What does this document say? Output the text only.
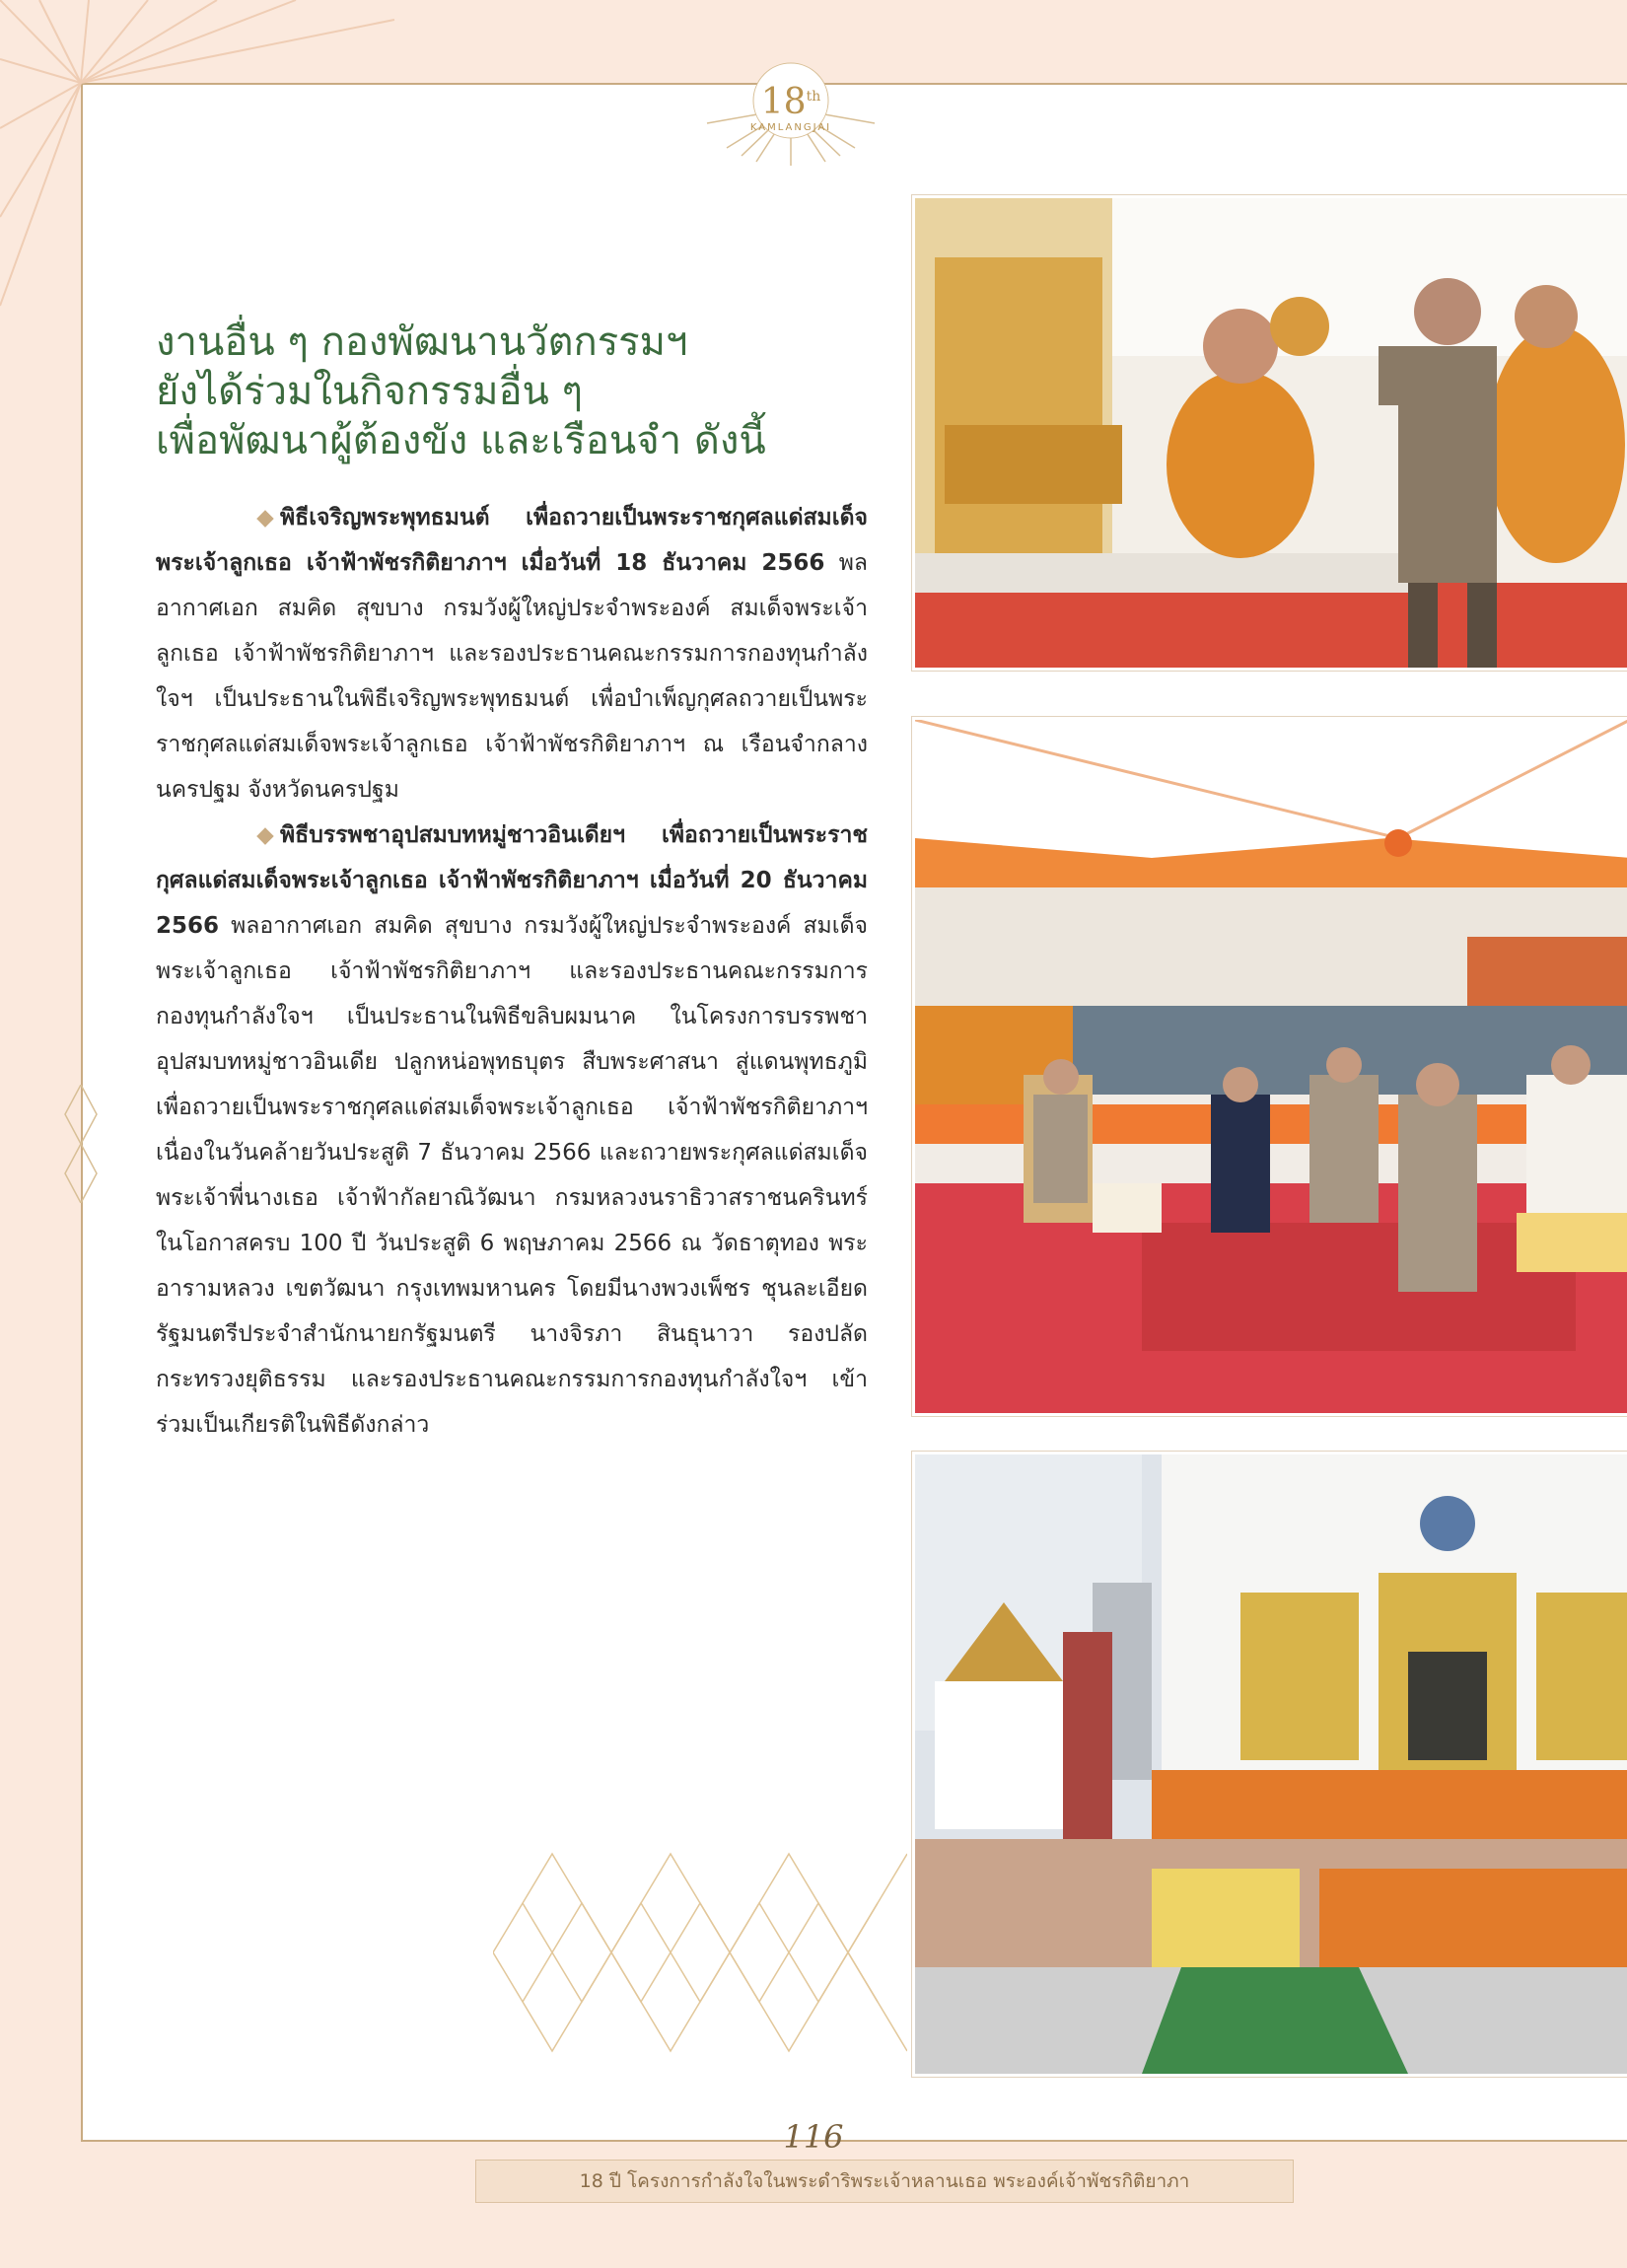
18th
KAMLANGJAI
งานอื่น ๆ กองพัฒนานวัตกรรมฯ
ยังได้ร่วมในกิจกรรมอื่น ๆ
เพื่อพัฒนาผู้ต้องขัง และเรือนจำ ดังนี้

◆ พิธีเจริญพระพุทธมนต์ เพื่อถวายเป็นพระราชกุศลแด่สมเด็จพระเจ้าลูกเธอ เจ้าฟ้าพัชรกิติยาภาฯ เมื่อวันที่ 18 ธันวาคม 2566 พลอากาศเอก สมคิด สุขบาง กรมวังผู้ใหญ่ประจำพระองค์ สมเด็จพระเจ้าลูกเธอ เจ้าฟ้าพัชรกิติยาภาฯ และรองประธานคณะกรรมการกองทุนกำลังใจฯ เป็นประธานในพิธีเจริญพระพุทธมนต์ เพื่อบำเพ็ญกุศลถวายเป็นพระราชกุศลแด่สมเด็จพระเจ้าลูกเธอ เจ้าฟ้าพัชรกิติยาภาฯ ณ เรือนจำกลางนครปฐม จังหวัดนครปฐม

◆ พิธีบรรพชาอุปสมบทหมู่ชาวอินเดียฯ เพื่อถวายเป็นพระราชกุศลแด่สมเด็จพระเจ้าลูกเธอ เจ้าฟ้าพัชรกิติยาภาฯ เมื่อวันที่ 20 ธันวาคม 2566 พลอากาศเอก สมคิด สุขบาง กรมวังผู้ใหญ่ประจำพระองค์ สมเด็จพระเจ้าลูกเธอ เจ้าฟ้าพัชรกิติยาภาฯ และรองประธานคณะกรรมการกองทุนกำลังใจฯ เป็นประธานในพิธีขลิบผมนาค ในโครงการบรรพชาอุปสมบทหมู่ชาวอินเดีย ปลูกหน่อพุทธบุตร สืบพระศาสนา สู่แดนพุทธภูมิ เพื่อถวายเป็นพระราชกุศลแด่สมเด็จพระเจ้าลูกเธอ เจ้าฟ้าพัชรกิติยาภาฯ เนื่องในวันคล้ายวันประสูติ 7 ธันวาคม 2566 และถวายพระกุศลแด่สมเด็จพระเจ้าพี่นางเธอ เจ้าฟ้ากัลยาณิวัฒนา กรมหลวงนราธิวาสราชนครินทร์ ในโอกาสครบ 100 ปี วันประสูติ 6 พฤษภาคม 2566 ณ วัดธาตุทอง พระอารามหลวง เขตวัฒนา กรุงเทพมหานคร โดยมีนางพวงเพ็ชร ชุนละเอียด รัฐมนตรีประจำสำนักนายกรัฐมนตรี นางจิรภา สินธุนาวา รองปลัดกระทรวงยุติธรรม และรองประธานคณะกรรมการกองทุนกำลังใจฯ เข้าร่วมเป็นเกียรติในพิธีดังกล่าว

116
18 ปี โครงการกำลังใจในพระดำริพระเจ้าหลานเธอ พระองค์เจ้าพัชรกิติยาภา
